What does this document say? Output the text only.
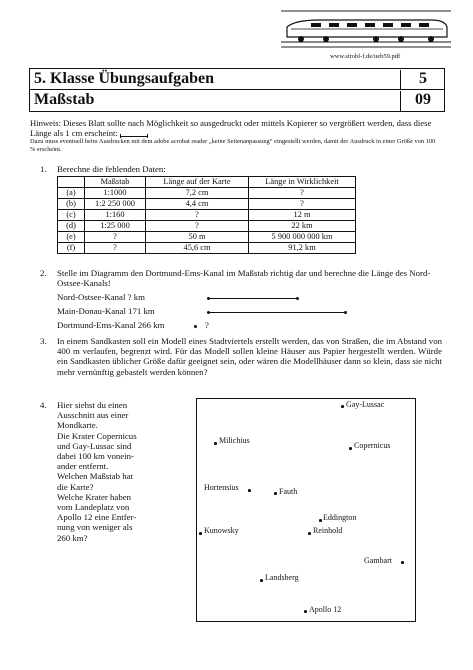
www.strobl-f.de/ueb59.pdf
5. Klasse Übungsaufgaben	5
Maßstab	09
Hinweis: Dieses Blatt sollte nach Möglichkeit so ausgedruckt oder mittels Kopierer so vergrößert werden, dass diese Länge als 1 cm erscheint:
Dazu muss eventuell beim Ausdrucken mit dem adobe acrobat reader „keine Seitenanpassung“ eingestellt werden, damit der Ausdruck in einer Größe von 100 % erscheint.
1. Berechne die fehlenden Daten:
	Maßstab	Länge auf der Karte	Länge in Wirklichkeit
(a)	1:1000	7,2 cm	?
(b)	1:2 250 000	4,4 cm	?
(c)	1:160	?	12 m
(d)	1:25 000	?	22 km
(e)	?	50 m	5 900 000 000 km
(f)	?	45,6 cm	91,2 km
2. Stelle im Diagramm den Dortmund-Ems-Kanal im Maßstab richtig dar und berechne die Länge des Nord-Ostsee-Kanals!
Nord-Ostsee-Kanal ? km
Main-Donau-Kanal 171 km
Dortmund-Ems-Kanal 266 km	?
3. In einem Sandkasten soll ein Modell eines Stadtviertels erstellt werden, das von Straßen, die im Abstand von 400 m verlaufen, begrenzt wird. Für das Modell sollen kleine Häuser aus Papier hergestellt werden. Würde ein Sandkasten üblicher Größe dafür geeignet sein, oder wären die Modellhäuser dann so klein, dass sie nicht mehr vernünftig gebastelt werden können?
4. Hier siehst du einen
Ausschnitt aus einer
Mondkarte.
Die Krater Copernicus
und Gay-Lussac sind
dabei 100 km vonein-
ander entfernt.
Welchen Maßstab hat
die Karte?
Welche Krater haben
vom Landeplatz von
Apollo 12 eine Entfer-
nung von weniger als
260 km?
Gay-Lussac
Milichius
Copernicus
Hortensius	Fauth
Eddington
Kunowsky	Reinhold
Gambart
Landsberg
Apollo 12
